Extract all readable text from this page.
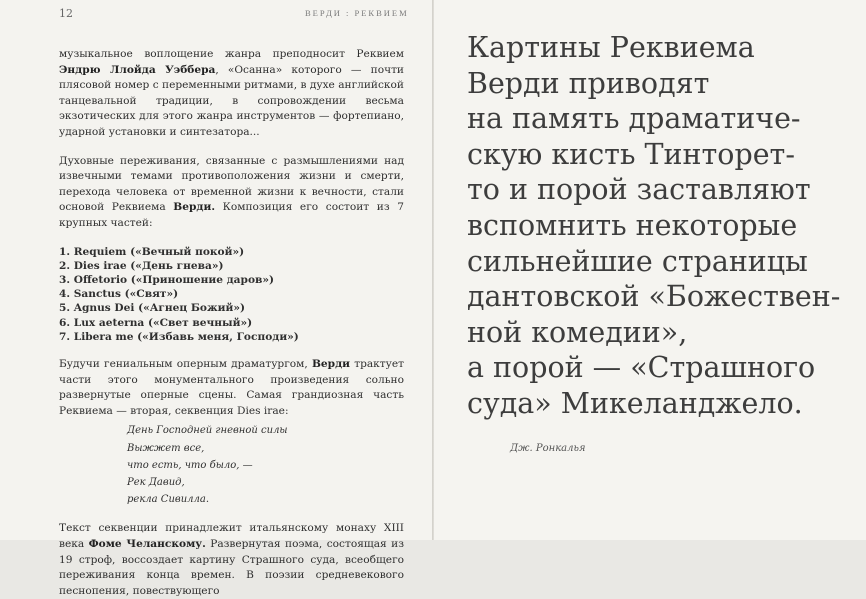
12	ВЕРДИ : РЕКВИЕМ

музыкальное воплощение жанра преподносит Реквием Эндрю Ллойда Уэббера, «Осанна» которого — почти плясовой номер с переменными ритмами, в духе английской танцевальной традиции, в сопровождении весьма экзотических для этого жанра инструментов — фортепиано, ударной установки и синтезатора...

Духовные переживания, связанные с размышлениями над извечными темами противоположения жизни и смерти, перехода человека от временной жизни к вечности, стали основой Реквиема Верди. Композиция его состоит из 7 крупных частей:

1. Requiem («Вечный покой»)
2. Dies irae («День гнева»)
3. Offetorio («Приношение даров»)
4. Sanctus («Свят»)
5. Agnus Dei («Агнец Божий»)
6. Lux aeterna («Свет вечный»)
7. Libera me («Избавь меня, Господи»)

Будучи гениальным оперным драматургом, Верди трактует части этого монументального произведения сольно развернутые оперные сцены. Самая грандиозная часть Реквиема — вторая, секвенция Dies irae:

День Господней гневной силы
Выжжет все,
что есть, что было, —
Рек Давид,
рекла Сивилла.

Текст секвенции принадлежит итальянскому монаху XIII века Фоме Челанскому. Развернутая поэма, состоящая из 19 строф, воссоздает картину Страшного суда, всеобщего переживания конца времен. В поэзии средневекового песнопения, повествующего

Картины Реквиема
Верди приводят
на память драматиче-
скую кисть Тинторет-
то и порой заставляют
вспомнить некоторые
сильнейшие страницы
дантовской «Божествен-
ной комедии»,
а порой — «Страшного
суда» Микеланджело.
Дж. Ронкалья
